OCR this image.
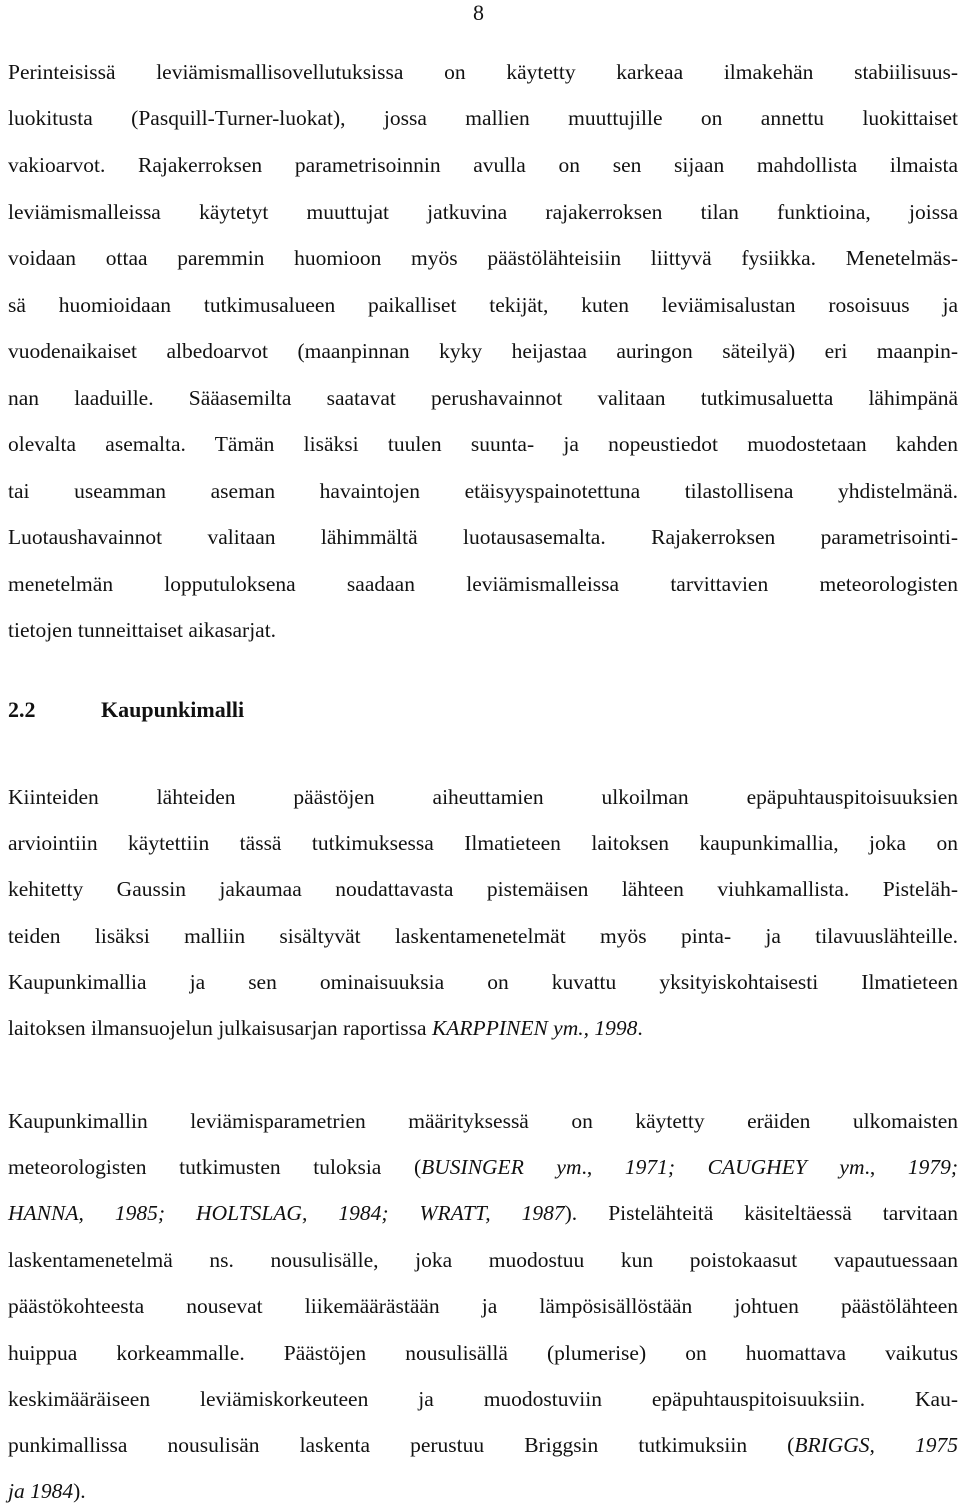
8

Perinteisissä leviämismallisovellutuksissa on käytetty karkeaa ilmakehän stabiilisuus-

luokitusta (Pasquill-Turner-luokat), jossa mallien muuttujille on annettu luokittaiset

vakioarvot. Rajakerroksen parametrisoinnin avulla on sen sijaan mahdollista ilmaista

leviämismalleissa käytetyt muuttujat jatkuvina rajakerroksen tilan funktioina, joissa

voidaan ottaa paremmin huomioon myös päästölähteisiin liittyvä fysiikka. Menetelmäs-

sä huomioidaan tutkimusalueen paikalliset tekijät, kuten leviämisalustan rosoisuus ja

vuodenaikaiset albedoarvot (maanpinnan kyky heijastaa auringon säteilyä) eri maanpin-

nan laaduille. Sääasemilta saatavat perushavainnot valitaan tutkimusaluetta lähimpänä

olevalta asemalta. Tämän lisäksi tuulen suunta- ja nopeustiedot muodostetaan kahden

tai useamman aseman havaintojen etäisyyspainotettuna tilastollisena yhdistelmänä.

Luotaushavainnot valitaan lähimmältä luotausasemalta. Rajakerroksen parametrisointi-

menetelmän lopputuloksena saadaan leviämismalleissa tarvittavien meteorologisten

tietojen tunneittaiset aikasarjat.

2.2	Kaupunkimalli

Kiinteiden lähteiden päästöjen aiheuttamien ulkoilman epäpuhtauspitoisuuksien

arviointiin käytettiin tässä tutkimuksessa Ilmatieteen laitoksen kaupunkimallia, joka on

kehitetty Gaussin jakaumaa noudattavasta pistemäisen lähteen viuhkamallista. Pisteläh-

teiden lisäksi malliin sisältyvät laskentamenetelmät myös pinta- ja tilavuuslähteille.

Kaupunkimallia ja sen ominaisuuksia on kuvattu yksityiskohtaisesti Ilmatieteen

laitoksen ilmansuojelun julkaisusarjan raportissa KARPPINEN ym., 1998.

Kaupunkimallin leviämisparametrien määrityksessä on käytetty eräiden ulkomaisten

meteorologisten tutkimusten tuloksia (BUSINGER ym., 1971; CAUGHEY ym., 1979;

HANNA, 1985; HOLTSLAG, 1984; WRATT, 1987). Pistelähteitä käsiteltäessä tarvitaan

laskentamenetelmä ns. nousulisälle, joka muodostuu kun poistokaasut vapautuessaan

päästökohteesta nousevat liikemäärästään ja lämpösisällöstään johtuen päästölähteen

huippua korkeammalle. Päästöjen nousulisällä (plumerise) on huomattava vaikutus

keskimääräiseen leviämiskorkeuteen ja muodostuviin epäpuhtauspitoisuuksiin. Kau-

punkimallissa nousulisän laskenta perustuu Briggsin tutkimuksiin (BRIGGS, 1975

ja 1984).
